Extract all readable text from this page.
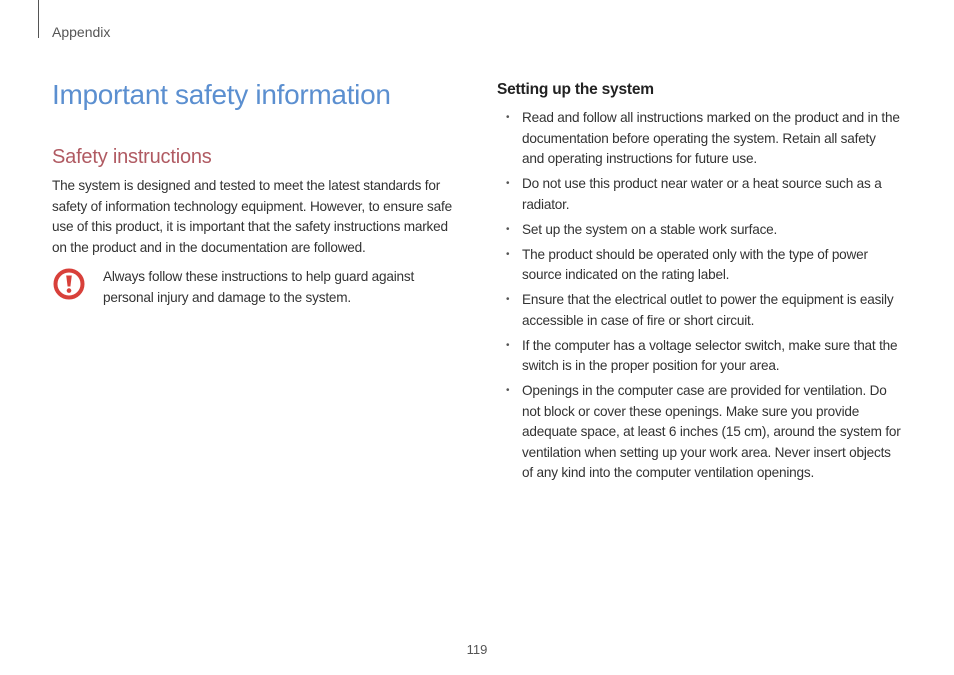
Appendix
Important safety information
Safety instructions

The system is designed and tested to meet the latest standards for safety of information technology equipment. However, to ensure safe use of this product, it is important that the safety instructions marked on the product and in the documentation are followed.

Always follow these instructions to help guard against personal injury and damage to the system.
Setting up the system
• Read and follow all instructions marked on the product and in the documentation before operating the system. Retain all safety and operating instructions for future use.
• Do not use this product near water or a heat source such as a radiator.
• Set up the system on a stable work surface.
• The product should be operated only with the type of power source indicated on the rating label.
• Ensure that the electrical outlet to power the equipment is easily accessible in case of fire or short circuit.
• If the computer has a voltage selector switch, make sure that the switch is in the proper position for your area.
• Openings in the computer case are provided for ventilation. Do not block or cover these openings. Make sure you provide adequate space, at least 6 inches (15 cm), around the system for ventilation when setting up your work area. Never insert objects of any kind into the computer ventilation openings.
119
